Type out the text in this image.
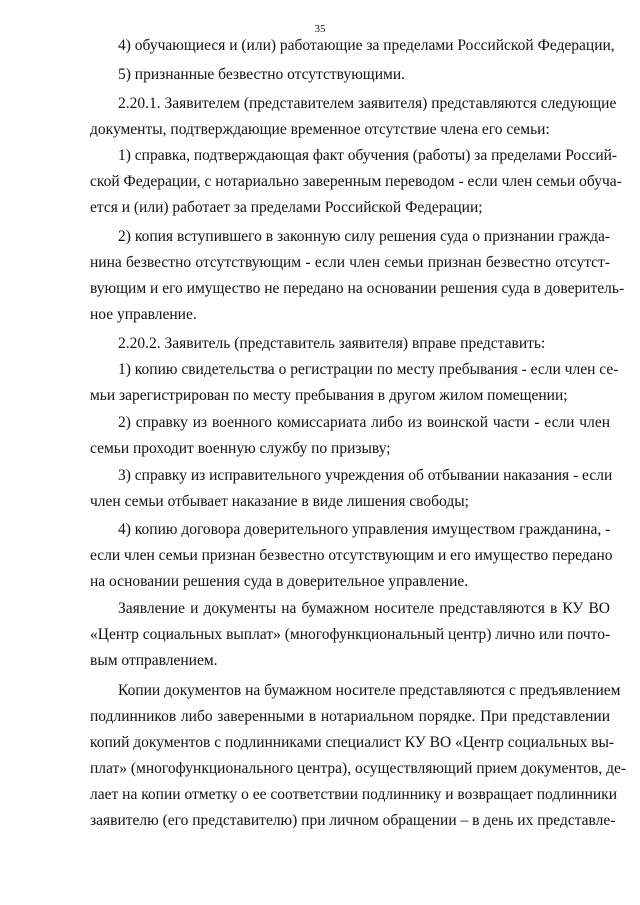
35
4) обучающиеся и (или) работающие за пределами Российской Федерации,
5) признанные безвестно отсутствующими.
2.20.1. Заявителем (представителем заявителя) представляются следующие
документы, подтверждающие временное отсутствие члена его семьи:
1) справка, подтверждающая факт обучения (работы) за пределами Россий-
ской Федерации, с нотариально заверенным переводом - если член семьи обуча-
ется и (или) работает за пределами Российской Федерации;
2) копия вступившего в законную силу решения суда о признании гражда-
нина безвестно отсутствующим - если член семьи признан безвестно отсутст-
вующим и его имущество не передано на основании решения суда в доверитель-
ное управление.
2.20.2. Заявитель (представитель заявителя) вправе представить:
1) копию свидетельства о регистрации по месту пребывания - если член се-
мьи зарегистрирован по месту пребывания в другом жилом помещении;
2) справку из военного комиссариата либо из воинской части - если член
семьи проходит военную службу по призыву;
3) справку из исправительного учреждения об отбывании наказания - если
член семьи отбывает наказание в виде лишения свободы;
4) копию договора доверительного управления имуществом гражданина, -
если член семьи признан безвестно отсутствующим и его имущество передано
на основании решения суда в доверительное управление.
Заявление и документы на бумажном носителе представляются в КУ ВО
«Центр социальных выплат» (многофункциональный центр) лично или почто-
вым отправлением.
Копии документов на бумажном носителе представляются с предъявлением
подлинников либо заверенными в нотариальном порядке. При представлении
копий документов с подлинниками специалист КУ ВО «Центр социальных вы-
плат» (многофункционального центра), осуществляющий прием документов, де-
лает на копии отметку о ее соответствии подлиннику и возвращает подлинники
заявителю (его представителю) при личном обращении – в день их представле-
